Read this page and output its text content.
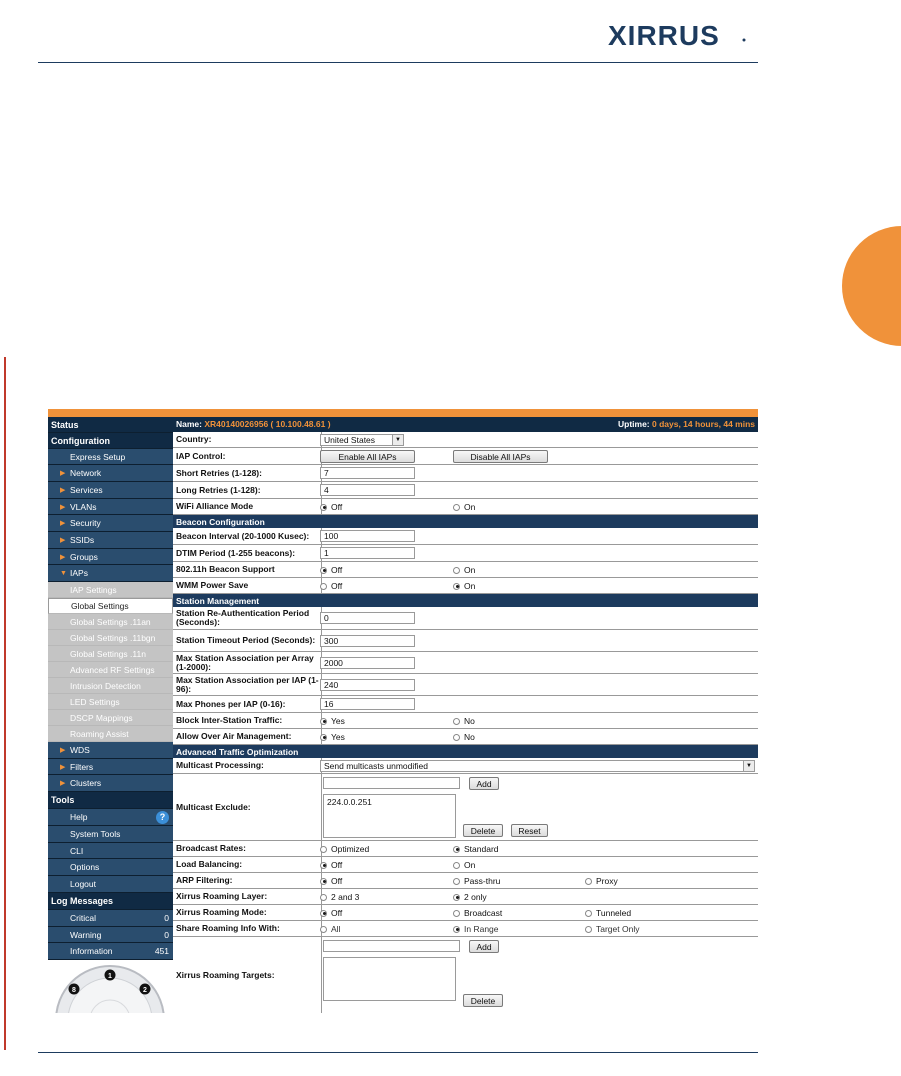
XIRRUS
Status
Configuration
Express Setup
▶ Network
▶ Services
▶ VLANs
▶ Security
▶ SSIDs
▶ Groups
▼ IAPs
IAP Settings
Global Settings
Global Settings .11an
Global Settings .11bgn
Global Settings .11n
Advanced RF Settings
Intrusion Detection
LED Settings
DSCP Mappings
Roaming Assist
▶ WDS
▶ Filters
▶ Clusters
Tools
Help	?
System Tools
CLI
Options
Logout
Log Messages
Critical	0
Warning	0
Information	451
1
2
8
Name: XR40140026956 ( 10.100.48.61 )	Uptime: 0 days, 14 hours, 44 mins
Country:	United States	▼
IAP Control:	Enable All IAPs	Disable All IAPs
Short Retries (1-128):	7
Long Retries (1-128):	4
WiFi Alliance Mode	Off	On
Beacon Configuration
Beacon Interval (20-1000 Kusec):	100
DTIM Period (1-255 beacons):	1
802.11h Beacon Support	Off	On
WMM Power Save	Off	On
Station Management
Station Re-Authentication Period (Seconds):	0
Station Timeout Period (Seconds):	300
Max Station Association per Array (1-2000):	2000
Max Station Association per IAP (1-96):	240
Max Phones per IAP (0-16):	16
Block Inter-Station Traffic:	Yes	No
Allow Over Air Management:	Yes	No
Advanced Traffic Optimization
Multicast Processing:	Send multicasts unmodified	▼
Multicast Exclude:
Add
224.0.0.251
Delete	Reset
Broadcast Rates:	Optimized	Standard
Load Balancing:	Off	On
ARP Filtering:	Off	Pass-thru	Proxy
Xirrus Roaming Layer:	2 and 3	2 only
Xirrus Roaming Mode:	Off	Broadcast	Tunneled
Share Roaming Info With:	All	In Range	Target Only
Xirrus Roaming Targets:
Add
Delete
